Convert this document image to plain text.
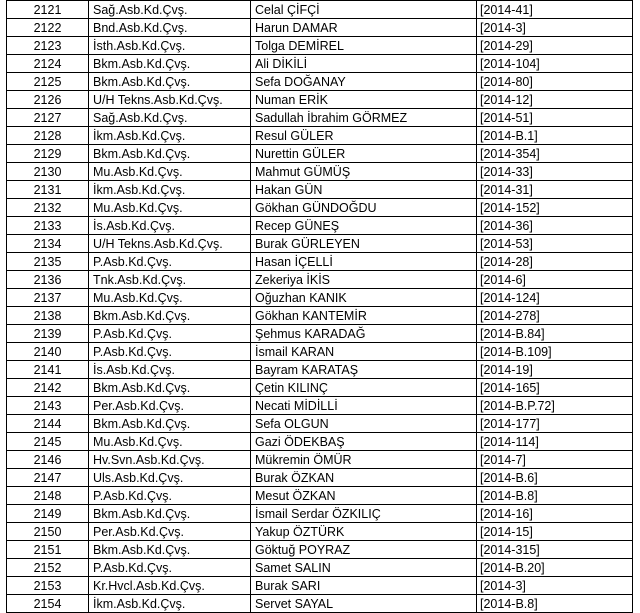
2121	Sağ.Asb.Kd.Çvş.	Celal ÇİFÇİ	[2014-41]
2122	Bnd.Asb.Kd.Çvş.	Harun DAMAR	[2014-3]
2123	İsth.Asb.Kd.Çvş.	Tolga DEMİREL	[2014-29]
2124	Bkm.Asb.Kd.Çvş.	Ali DİKİLİ	[2014-104]
2125	Bkm.Asb.Kd.Çvş.	Sefa DOĞANAY	[2014-80]
2126	U/H Tekns.Asb.Kd.Çvş.	Numan ERİK	[2014-12]
2127	Sağ.Asb.Kd.Çvş.	Sadullah İbrahim GÖRMEZ	[2014-51]
2128	İkm.Asb.Kd.Çvş.	Resul GÜLER	[2014-B.1]
2129	Bkm.Asb.Kd.Çvş.	Nurettin GÜLER	[2014-354]
2130	Mu.Asb.Kd.Çvş.	Mahmut GÜMÜŞ	[2014-33]
2131	İkm.Asb.Kd.Çvş.	Hakan GÜN	[2014-31]
2132	Mu.Asb.Kd.Çvş.	Gökhan GÜNDOĞDU	[2014-152]
2133	İs.Asb.Kd.Çvş.	Recep GÜNEŞ	[2014-36]
2134	U/H Tekns.Asb.Kd.Çvş.	Burak GÜRLEYEN	[2014-53]
2135	P.Asb.Kd.Çvş.	Hasan İÇELLİ	[2014-28]
2136	Tnk.Asb.Kd.Çvş.	Zekeriya İKİS	[2014-6]
2137	Mu.Asb.Kd.Çvş.	Oğuzhan KANIK	[2014-124]
2138	Bkm.Asb.Kd.Çvş.	Gökhan KANTEMİR	[2014-278]
2139	P.Asb.Kd.Çvş.	Şehmus KARADAĞ	[2014-B.84]
2140	P.Asb.Kd.Çvş.	İsmail KARAN	[2014-B.109]
2141	İs.Asb.Kd.Çvş.	Bayram KARATAŞ	[2014-19]
2142	Bkm.Asb.Kd.Çvş.	Çetin KILINÇ	[2014-165]
2143	Per.Asb.Kd.Çvş.	Necati MİDİLLİ	[2014-B.P.72]
2144	Bkm.Asb.Kd.Çvş.	Sefa OLGUN	[2014-177]
2145	Mu.Asb.Kd.Çvş.	Gazi ÖDEKBAŞ	[2014-114]
2146	Hv.Svn.Asb.Kd.Çvş.	Mükremin ÖMÜR	[2014-7]
2147	Uls.Asb.Kd.Çvş.	Burak ÖZKAN	[2014-B.6]
2148	P.Asb.Kd.Çvş.	Mesut ÖZKAN	[2014-B.8]
2149	Bkm.Asb.Kd.Çvş.	İsmail Serdar ÖZKILIÇ	[2014-16]
2150	Per.Asb.Kd.Çvş.	Yakup ÖZTÜRK	[2014-15]
2151	Bkm.Asb.Kd.Çvş.	Göktuğ POYRAZ	[2014-315]
2152	P.Asb.Kd.Çvş.	Samet SALIN	[2014-B.20]
2153	Kr.Hvcl.Asb.Kd.Çvş.	Burak SARI	[2014-3]
2154	İkm.Asb.Kd.Çvş.	Servet SAYAL	[2014-B.8]
